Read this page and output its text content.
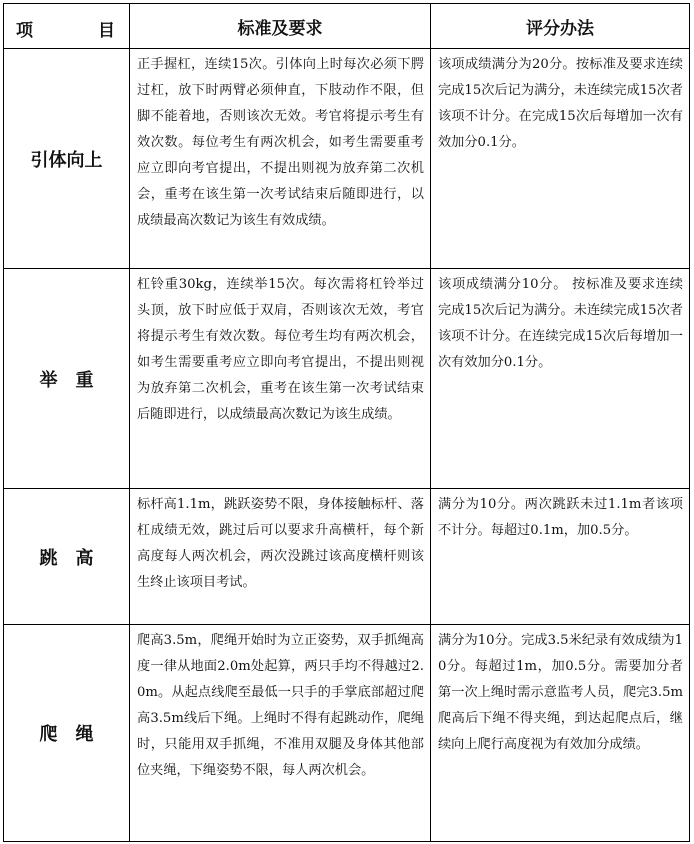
项 目	标准及要求	评分办法
引体向上	正手握杠，连续15次。引体向上时每次必须下腭过杠，放下时两臂必须伸直，下肢动作不限，但脚不能着地，否则该次无效。考官将提示考生有效次数。每位考生有两次机会，如考生需要重考应立即向考官提出，不提出则视为放弃第二次机会，重考在该生第一次考试结束后随即进行，以成绩最高次数记为该生有效成绩。	该项成绩满分为20分。按标准及要求连续完成15次后记为满分，未连续完成15次者该项不计分。在完成15次后每增加一次有效加分0.1分。
举　重	杠铃重30kg，连续举15次。每次需将杠铃举过头顶，放下时应低于双肩，否则该次无效，考官将提示考生有效次数。每位考生均有两次机会，如考生需要重考应立即向考官提出，不提出则视为放弃第二次机会，重考在该生第一次考试结束后随即进行，以成绩最高次数记为该生成绩。	该项成绩满分10分。 按标准及要求连续完成15次后记为满分。未连续完成15次者该项不计分。在连续完成15次后每增加一次有效加分0.1分。
跳　高	标杆高1.1m，跳跃姿势不限，身体接触标杆、落杠成绩无效，跳过后可以要求升高横杆，每个新高度每人两次机会，两次没跳过该高度横杆则该生终止该项目考试。	满分为10分。两次跳跃未过1.1m者该项不计分。每超过0.1m，加0.5分。
爬　绳	爬高3.5m，爬绳开始时为立正姿势，双手抓绳高度一律从地面2.0m处起算，两只手均不得越过2.0m。从起点线爬至最低一只手的手掌底部超过爬高3.5m线后下绳。上绳时不得有起跳动作，爬绳时，只能用双手抓绳，不准用双腿及身体其他部位夹绳，下绳姿势不限，每人两次机会。	满分为10分。完成3.5米纪录有效成绩为10分。每超过1m，加0.5分。需要加分者第一次上绳时需示意监考人员，爬完3.5m爬高后下绳不得夹绳，到达起爬点后，继续向上爬行高度视为有效加分成绩。
